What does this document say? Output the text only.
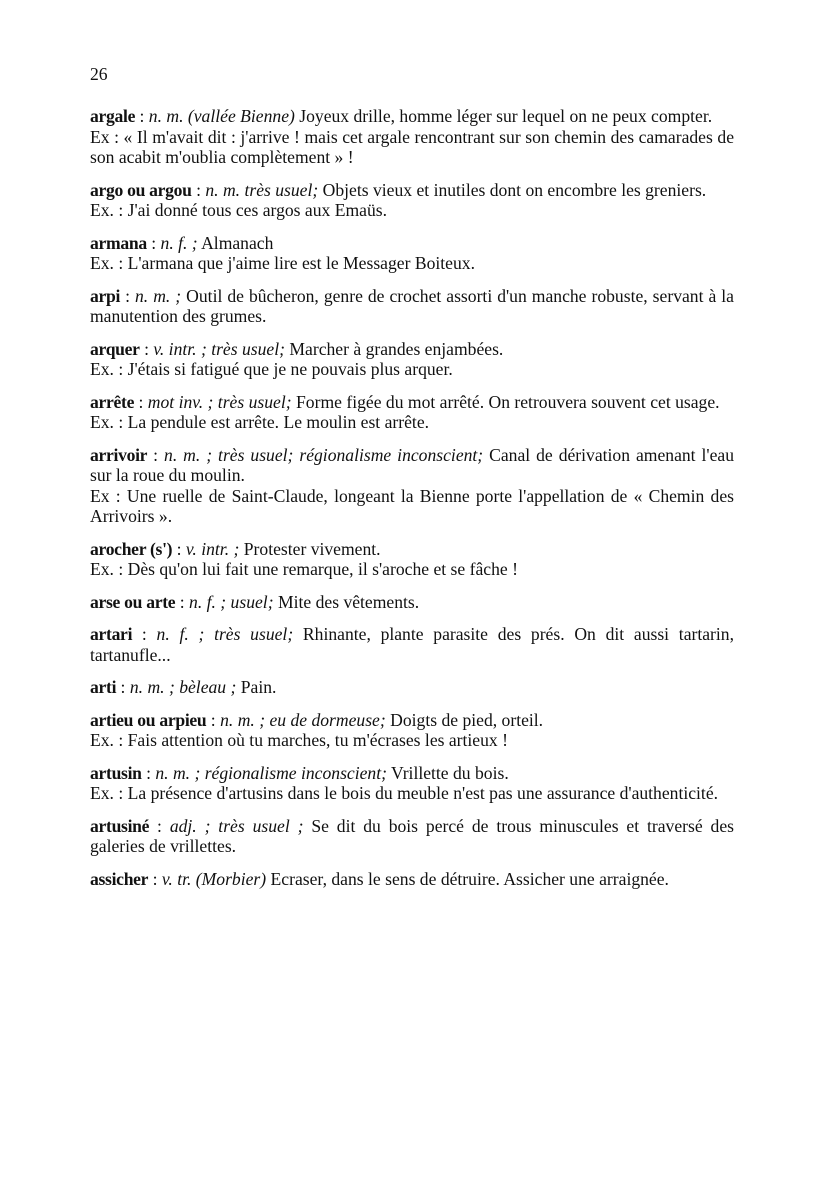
26

argale : n. m. (vallée Bienne) Joyeux drille, homme léger sur lequel on ne peux compter.

Ex : « Il m'avait dit : j'arrive ! mais cet argale rencontrant sur son chemin des camarades de son acabit m'oublia complètement » !

argo ou argou : n. m. très usuel; Objets vieux et inutiles dont on encombre les greniers.

Ex. : J'ai donné tous ces argos aux Emaüs.

armana : n. f. ; Almanach

Ex. : L'armana que j'aime lire est le Messager Boiteux.

arpi : n. m. ; Outil de bûcheron, genre de crochet assorti d'un manche robuste, servant à la manutention des grumes.

arquer : v. intr. ; très usuel; Marcher à grandes enjambées.

Ex. : J'étais si fatigué que je ne pouvais plus arquer.

arrête : mot inv. ; très usuel; Forme figée du mot arrêté. On retrouvera souvent cet usage.

Ex. : La pendule est arrête. Le moulin est arrête.

arrivoir : n. m. ; très usuel; régionalisme inconscient; Canal de dérivation amenant l'eau sur la roue du moulin.

Ex : Une ruelle de Saint-Claude, longeant la Bienne porte l'appellation de « Chemin des Arrivoirs ».

arocher (s') : v. intr. ; Protester vivement.

Ex. : Dès qu'on lui fait une remarque, il s'aroche et se fâche !

arse ou arte : n. f. ; usuel; Mite des vêtements.

artari : n. f. ; très usuel; Rhinante, plante parasite des prés. On dit aussi tartarin, tartanufle...

arti : n. m. ; bèleau ; Pain.

artieu ou arpieu : n. m. ; eu de dormeuse; Doigts de pied, orteil.

Ex. : Fais attention où tu marches, tu m'écrases les artieux !

artusin : n. m. ; régionalisme inconscient; Vrillette du bois.

Ex. : La présence d'artusins dans le bois du meuble n'est pas une assurance d'authenticité.

artusiné : adj. ; très usuel ; Se dit du bois percé de trous minuscules et traversé des galeries de vrillettes.

assicher : v. tr. (Morbier) Ecraser, dans le sens de détruire. Assicher une arraignée.
